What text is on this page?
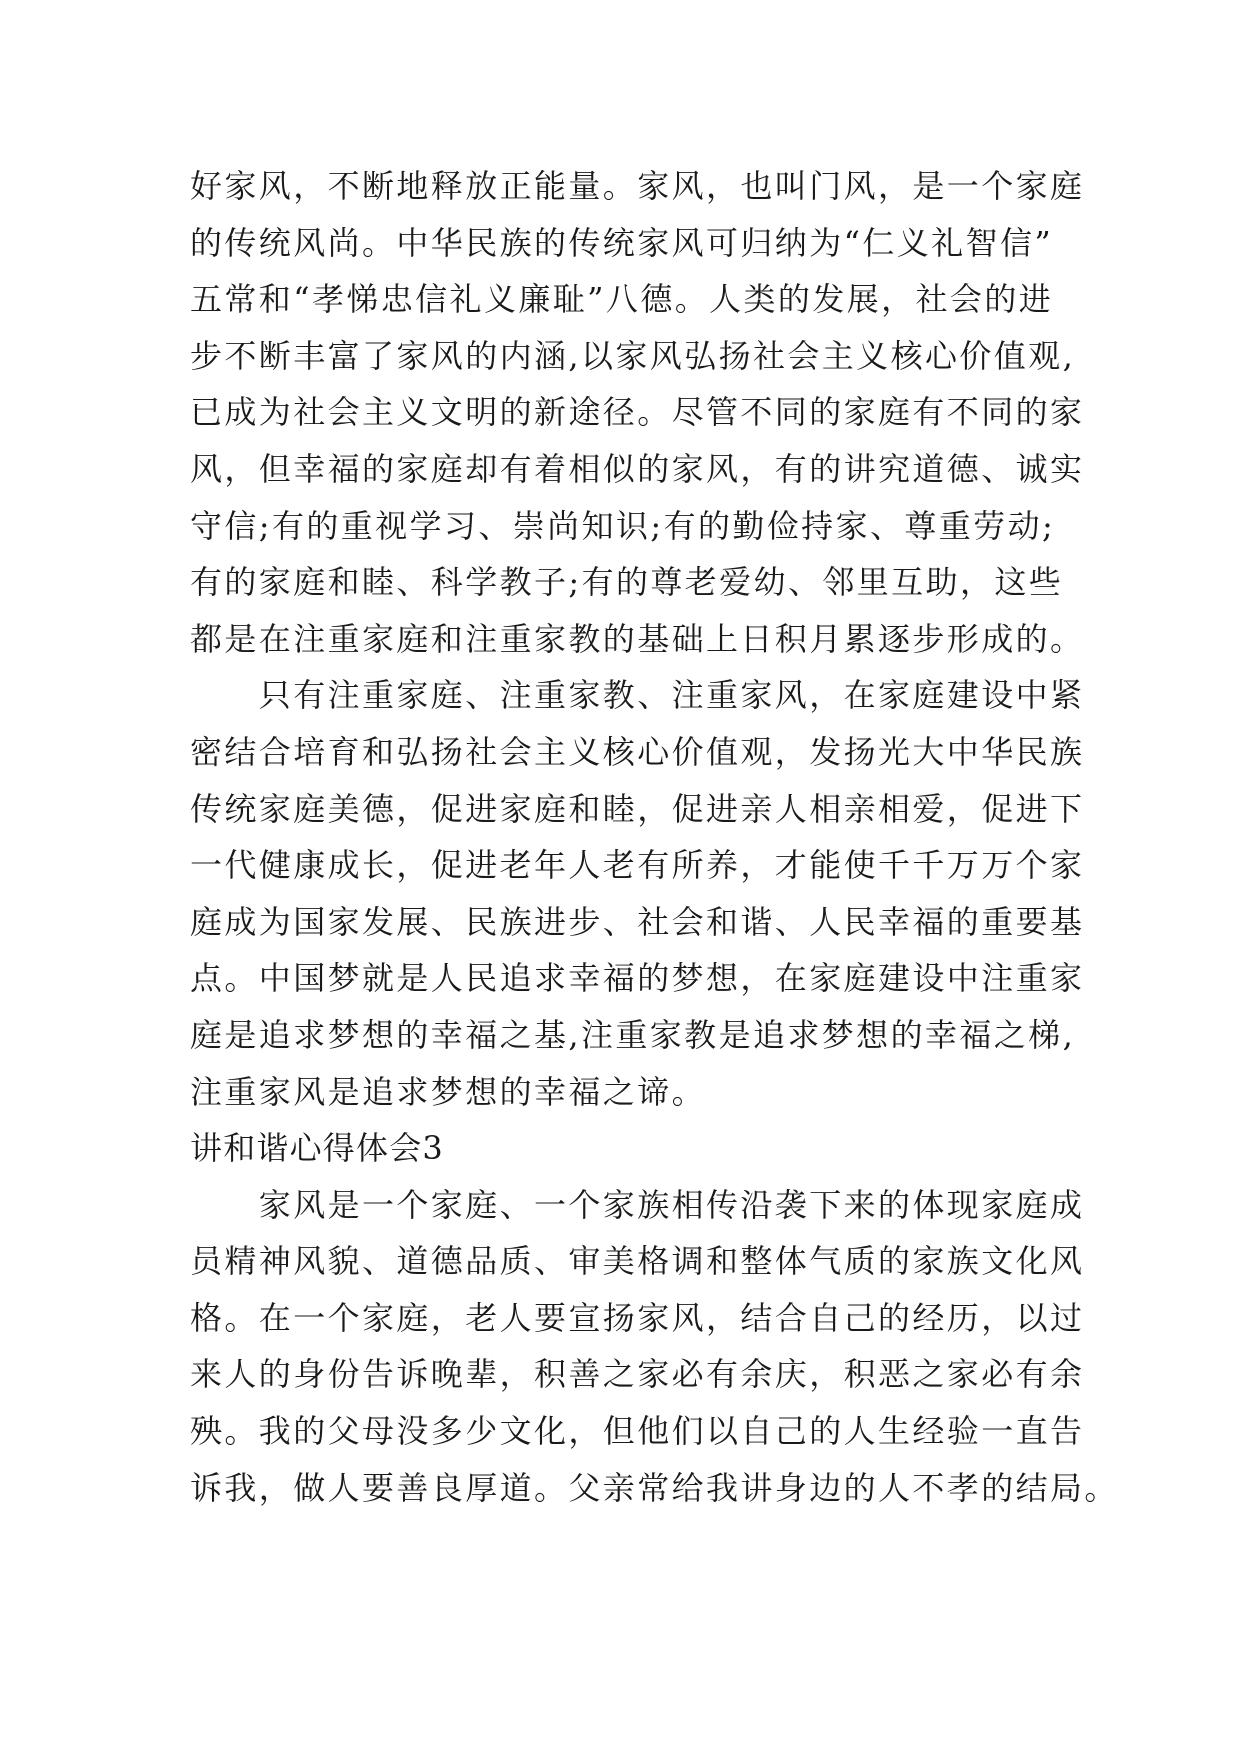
好家风，不断地释放正能量。家风，也叫门风，是一个家庭
的传统风尚。中华民族的传统家风可归纳为“仁义礼智信”
五常和“孝悌忠信礼义廉耻”八德。人类的发展，社会的进
步不断丰富了家风的内涵,以家风弘扬社会主义核心价值观,
已成为社会主义文明的新途径。尽管不同的家庭有不同的家
风，但幸福的家庭却有着相似的家风，有的讲究道德、诚实
守信;有的重视学习、崇尚知识;有的勤俭持家、尊重劳动;
有的家庭和睦、科学教子;有的尊老爱幼、邻里互助，这些
都是在注重家庭和注重家教的基础上日积月累逐步形成的。
　　只有注重家庭、注重家教、注重家风，在家庭建设中紧
密结合培育和弘扬社会主义核心价值观，发扬光大中华民族
传统家庭美德，促进家庭和睦，促进亲人相亲相爱，促进下
一代健康成长，促进老年人老有所养，才能使千千万万个家
庭成为国家发展、民族进步、社会和谐、人民幸福的重要基
点。中国梦就是人民追求幸福的梦想，在家庭建设中注重家
庭是追求梦想的幸福之基,注重家教是追求梦想的幸福之梯,
注重家风是追求梦想的幸福之谛。
讲和谐心得体会3
　　家风是一个家庭、一个家族相传沿袭下来的体现家庭成
员精神风貌、道德品质、审美格调和整体气质的家族文化风
格。在一个家庭，老人要宣扬家风，结合自己的经历，以过
来人的身份告诉晚辈，积善之家必有余庆，积恶之家必有余
殃。我的父母没多少文化，但他们以自己的人生经验一直告
诉我，做人要善良厚道。父亲常给我讲身边的人不孝的结局。
